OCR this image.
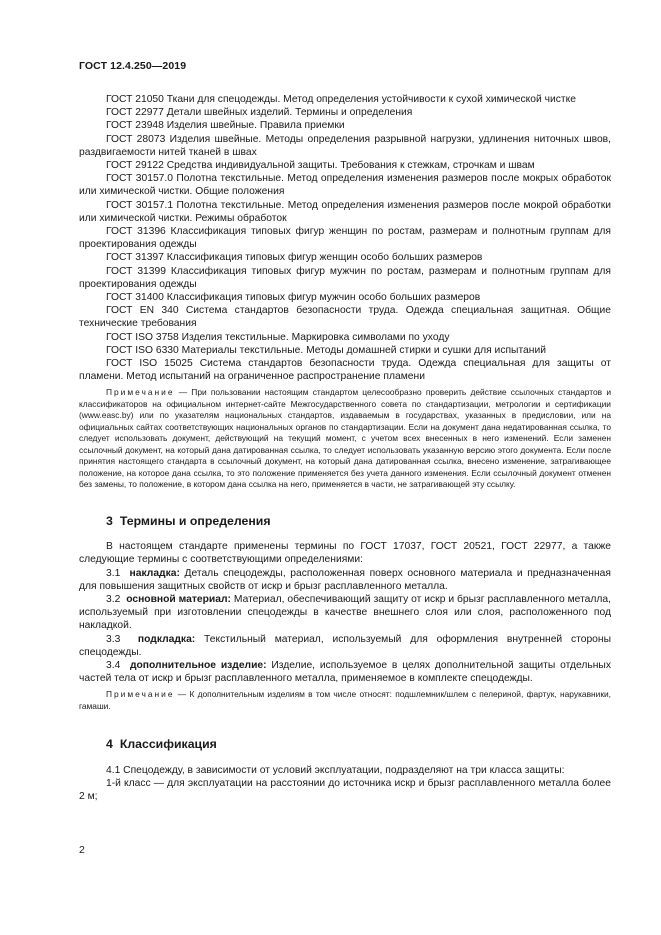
ГОСТ 12.4.250—2019

ГОСТ 21050 Ткани для спецодежды. Метод определения устойчивости к сухой химической чистке

ГОСТ 22977 Детали швейных изделий. Термины и определения

ГОСТ 23948 Изделия швейные. Правила приемки

ГОСТ 28073 Изделия швейные. Методы определения разрывной нагрузки, удлинения ниточных швов, раздвигаемости нитей тканей в швах

ГОСТ 29122 Средства индивидуальной защиты. Требования к стежкам, строчкам и швам

ГОСТ 30157.0 Полотна текстильные. Метод определения изменения размеров после мокрых обработок или химической чистки. Общие положения

ГОСТ 30157.1 Полотна текстильные. Метод определения изменения размеров после мокрой обработки или химической чистки. Режимы обработок

ГОСТ 31396 Классификация типовых фигур женщин по ростам, размерам и полнотным группам для проектирования одежды

ГОСТ 31397 Классификация типовых фигур женщин особо больших размеров

ГОСТ 31399 Классификация типовых фигур мужчин по ростам, размерам и полнотным группам для проектирования одежды

ГОСТ 31400 Классификация типовых фигур мужчин особо больших размеров

ГОСТ EN 340 Система стандартов безопасности труда. Одежда специальная защитная. Общие технические требования

ГОСТ ISO 3758 Изделия текстильные. Маркировка символами по уходу

ГОСТ ISO 6330 Материалы текстильные. Методы домашней стирки и сушки для испытаний

ГОСТ ISO 15025 Система стандартов безопасности труда. Одежда специальная для защиты от пламени. Метод испытаний на ограниченное распространение пламени

Примечание — При пользовании настоящим стандартом целесообразно проверить действие ссылочных стандартов и классификаторов на официальном интернет-сайте Межгосударственного совета по стандартизации, метрологии и сертификации (www.easc.by) или по указателям национальных стандартов, издаваемым в государствах, указанных в предисловии, или на официальных сайтах соответствующих национальных органов по стандартизации. Если на документ дана недатированная ссылка, то следует использовать документ, действующий на текущий момент, с учетом всех внесенных в него изменений. Если заменен ссылочный документ, на который дана датированная ссылка, то следует использовать указанную версию этого документа. Если после принятия настоящего стандарта в ссылочный документ, на который дана датированная ссылка, внесено изменение, затрагивающее положение, на которое дана ссылка, то это положение применяется без учета данного изменения. Если ссылочный документ отменен без замены, то положение, в котором дана ссылка на него, применяется в части, не затрагивающей эту ссылку.

3 Термины и определения

В настоящем стандарте применены термины по ГОСТ 17037, ГОСТ 20521, ГОСТ 22977, а также следующие термины с соответствующими определениями:

3.1 накладка: Деталь спецодежды, расположенная поверх основного материала и предназначенная для повышения защитных свойств от искр и брызг расплавленного металла.

3.2 основной материал: Материал, обеспечивающий защиту от искр и брызг расплавленного металла, используемый при изготовлении спецодежды в качестве внешнего слоя или слоя, расположенного под накладкой.

3.3 подкладка: Текстильный материал, используемый для оформления внутренней стороны спецодежды.

3.4 дополнительное изделие: Изделие, используемое в целях дополнительной защиты отдельных частей тела от искр и брызг расплавленного металла, применяемое в комплекте спецодежды.

Примечание — К дополнительным изделиям в том числе относят: подшлемник/шлем с пелериной, фартук, нарукавники, гамаши.

4 Классификация

4.1 Спецодежду, в зависимости от условий эксплуатации, подразделяют на три класса защиты:

1-й класс — для эксплуатации на расстоянии до источника искр и брызг расплавленного металла более 2 м;

2
